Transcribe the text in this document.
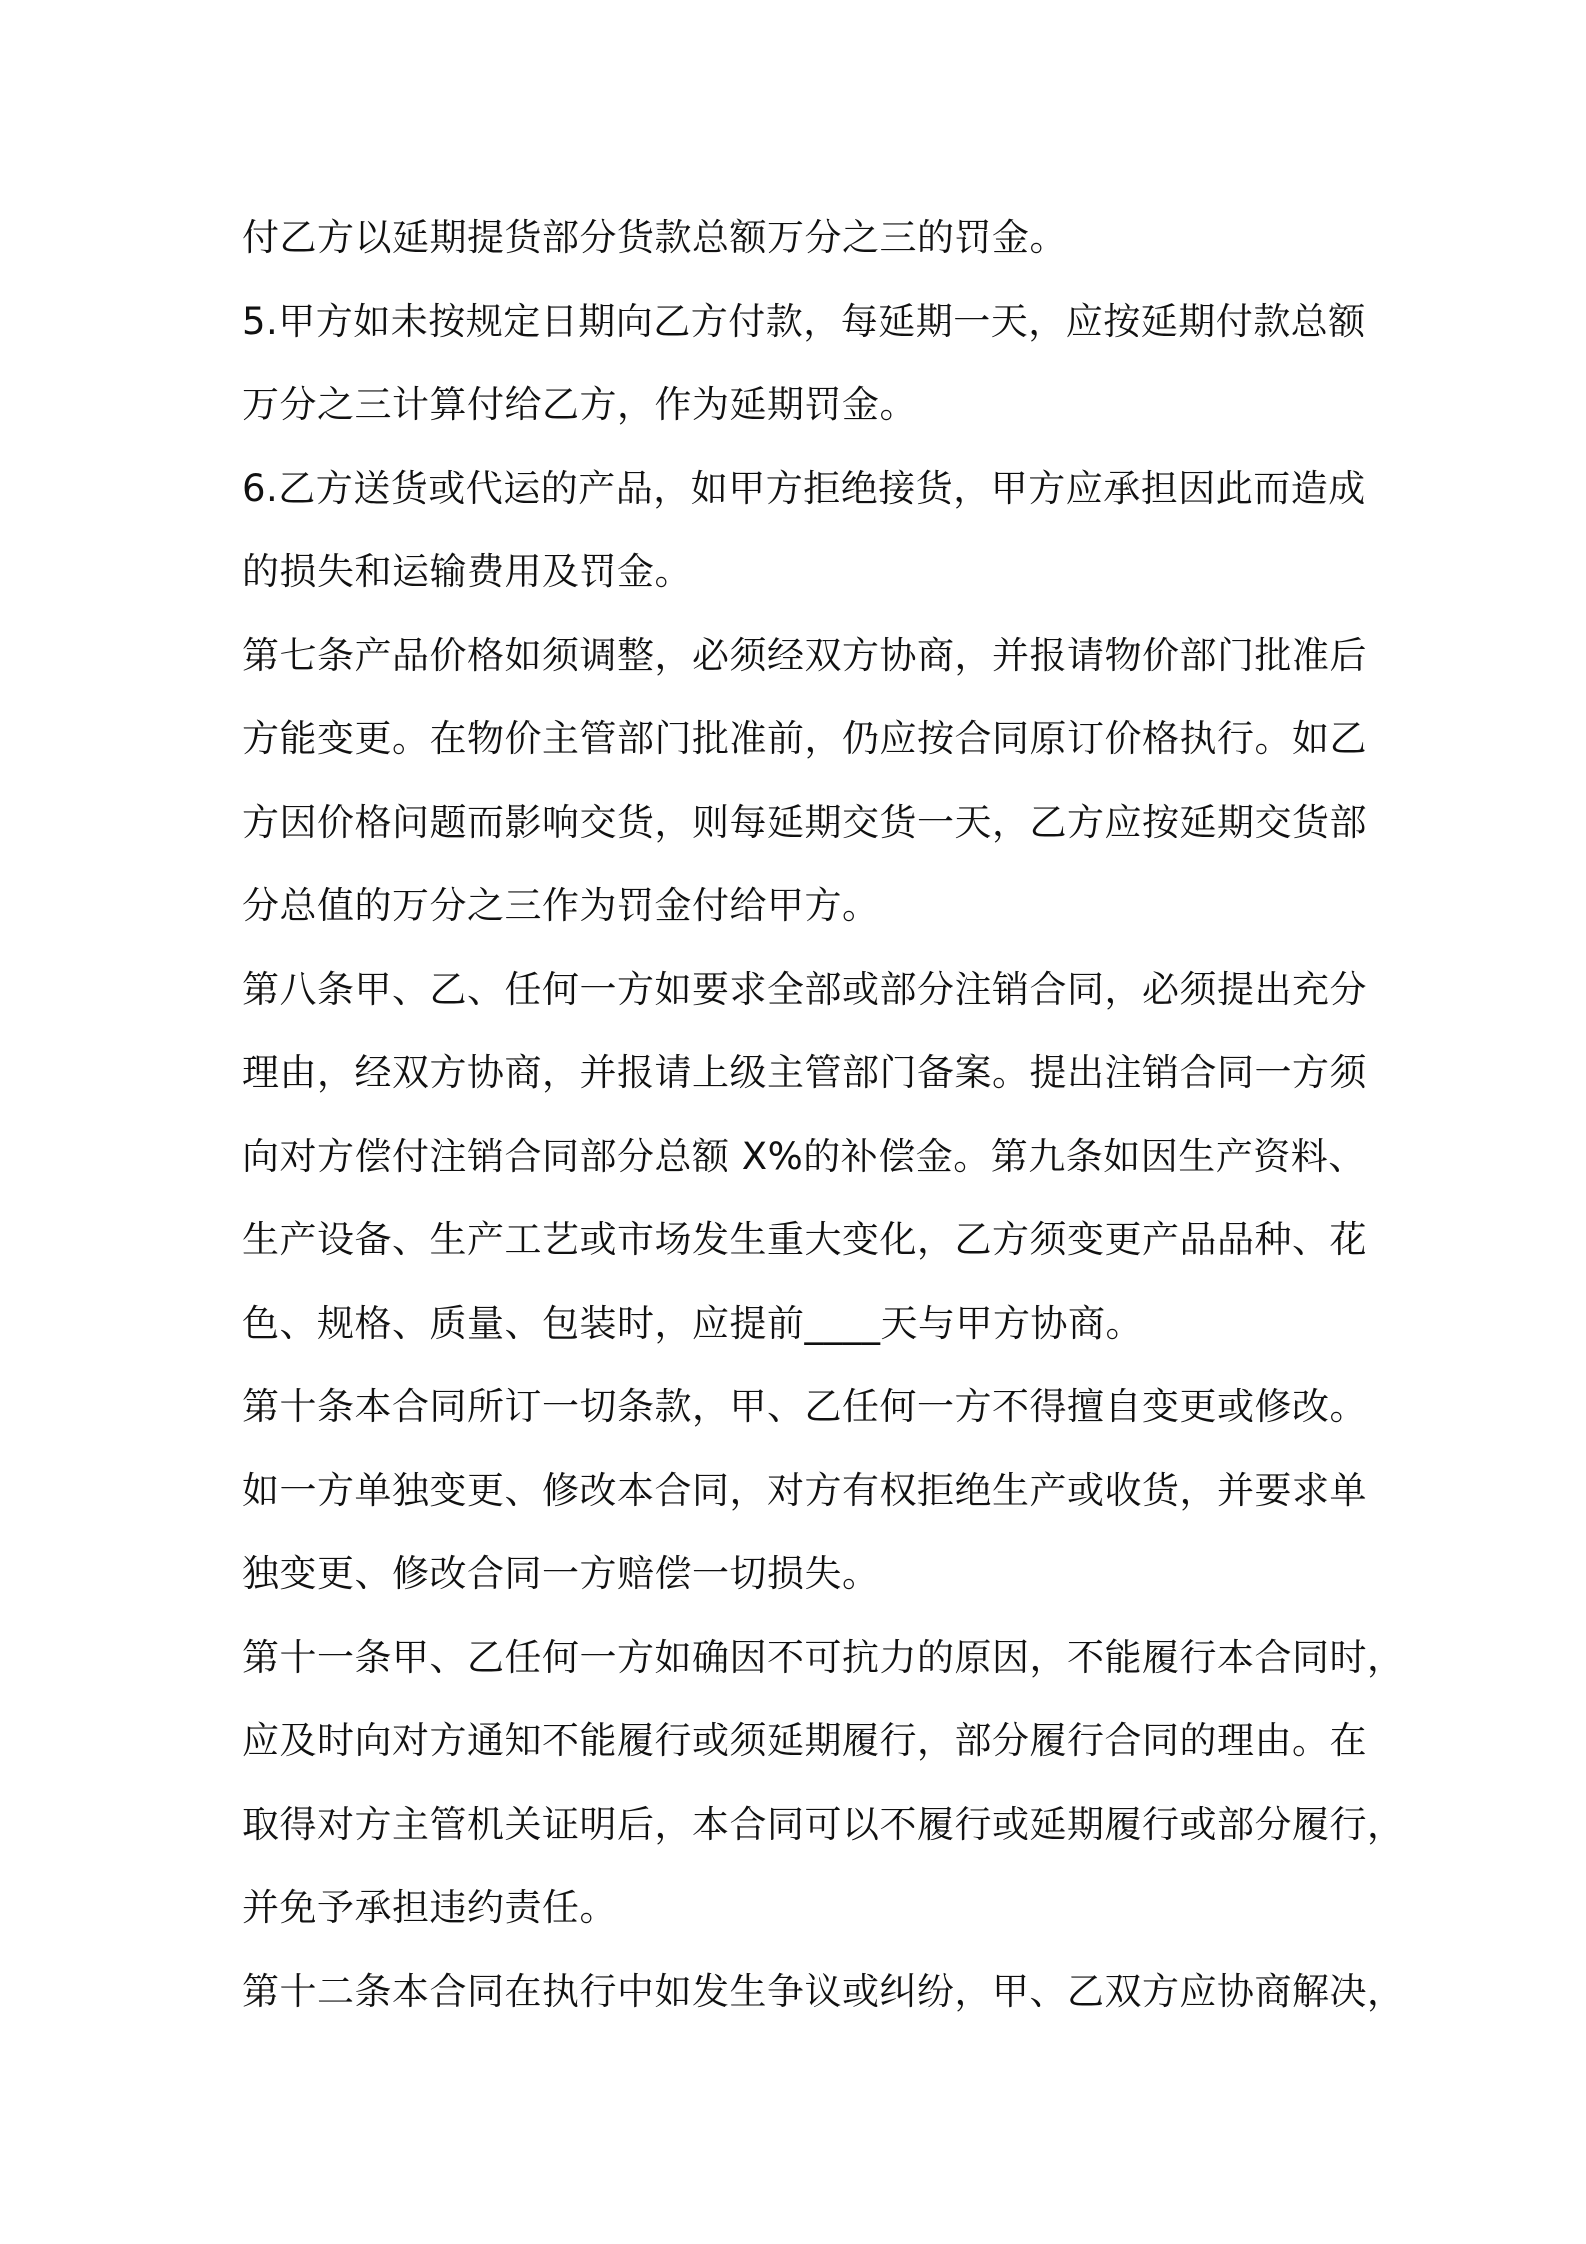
付乙方以延期提货部分货款总额万分之三的罚金。
5.甲方如未按规定日期向乙方付款，每延期一天，应按延期付款总额
万分之三计算付给乙方，作为延期罚金。
6.乙方送货或代运的产品，如甲方拒绝接货，甲方应承担因此而造成
的损失和运输费用及罚金。
第七条产品价格如须调整，必须经双方协商，并报请物价部门批准后
方能变更。在物价主管部门批准前，仍应按合同原订价格执行。如乙
方因价格问题而影响交货，则每延期交货一天，乙方应按延期交货部
分总值的万分之三作为罚金付给甲方。
第八条甲、乙、任何一方如要求全部或部分注销合同，必须提出充分
理由，经双方协商，并报请上级主管部门备案。提出注销合同一方须
向对方偿付注销合同部分总额 X%的补偿金。第九条如因生产资料、
生产设备、生产工艺或市场发生重大变化，乙方须变更产品品种、花
色、规格、质量、包装时，应提前____天与甲方协商。
第十条本合同所订一切条款，甲、乙任何一方不得擅自变更或修改。
如一方单独变更、修改本合同，对方有权拒绝生产或收货，并要求单
独变更、修改合同一方赔偿一切损失。
第十一条甲、乙任何一方如确因不可抗力的原因，不能履行本合同时，
应及时向对方通知不能履行或须延期履行，部分履行合同的理由。在
取得对方主管机关证明后，本合同可以不履行或延期履行或部分履行，
并免予承担违约责任。
第十二条本合同在执行中如发生争议或纠纷，甲、乙双方应协商解决，
